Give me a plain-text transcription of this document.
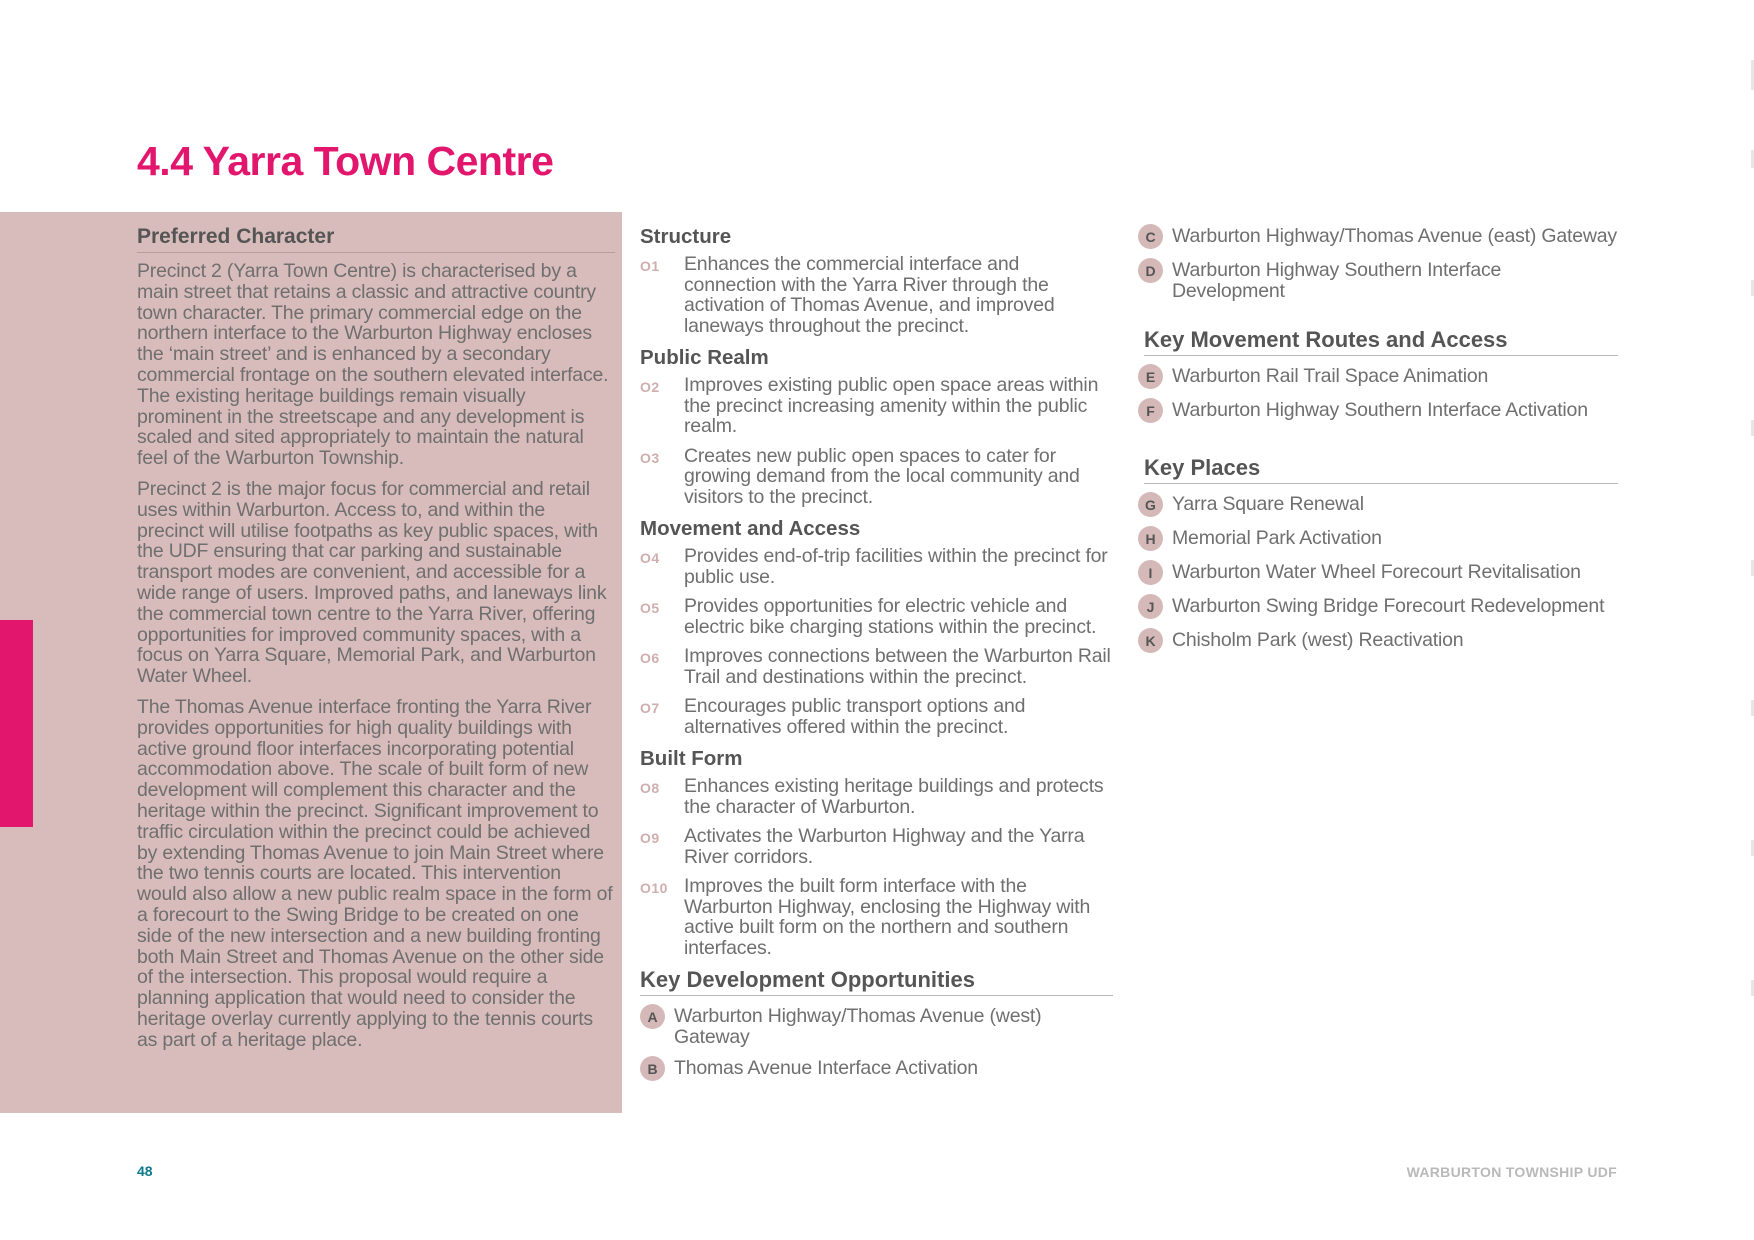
4.4 Yarra Town Centre
Preferred Character

Precinct 2 (Yarra Town Centre) is characterised by a main street that retains a classic and attractive country town character. The primary commercial edge on the northern interface to the Warburton Highway encloses the ‘main street’ and is enhanced by a secondary commercial frontage on the southern elevated interface. The existing heritage buildings remain visually prominent in the streetscape and any development is scaled and sited appropriately to maintain the natural feel of the Warburton Township.

Precinct 2 is the major focus for commercial and retail uses within Warburton. Access to, and within the precinct will utilise footpaths as key public spaces, with the UDF ensuring that car parking and sustainable transport modes are convenient, and accessible for a wide range of users. Improved paths, and laneways link the commercial town centre to the Yarra River, offering opportunities for improved community spaces, with a focus on Yarra Square, Memorial Park, and Warburton Water Wheel.

The Thomas Avenue interface fronting the Yarra River provides opportunities for high quality buildings with active ground floor interfaces incorporating potential accommodation above. The scale of built form of new development will complement this character and the heritage within the precinct. Significant improvement to traffic circulation within the precinct could be achieved by extending Thomas Avenue to join Main Street where the two tennis courts are located. This intervention would also allow a new public realm space in the form of a forecourt to the Swing Bridge to be created on one side of the new intersection and a new building fronting both Main Street and Thomas Avenue on the other side of the intersection. This proposal would require a planning application that would need to consider the heritage overlay currently applying to the tennis courts as part of a heritage place.

Structure
O1	Enhances the commercial interface and connection with the Yarra River through the activation of Thomas Avenue, and improved laneways throughout the precinct.
Public Realm
O2	Improves existing public open space areas within the precinct increasing amenity within the public realm.
O3	Creates new public open spaces to cater for growing demand from the local community and visitors to the precinct.
Movement and Access
O4	Provides end-of-trip facilities within the precinct for public use.
O5	Provides opportunities for electric vehicle and electric bike charging stations within the precinct.
O6	Improves connections between the Warburton Rail Trail and destinations within the precinct.
O7	Encourages public transport options and alternatives offered within the precinct.
Built Form
O8	Enhances existing heritage buildings and protects the character of Warburton.
O9	Activates the Warburton Highway and the Yarra River corridors.
O10 Improves the built form interface with the Warburton Highway, enclosing the Highway with active built form on the northern and southern interfaces.
Key Development Opportunities
A Warburton Highway/Thomas Avenue (west) Gateway
B Thomas Avenue Interface Activation
C Warburton Highway/Thomas Avenue (east) Gateway
D Warburton Highway Southern Interface Development
Key Movement Routes and Access
E Warburton Rail Trail Space Animation
F Warburton Highway Southern Interface Activation
Key Places
G Yarra Square Renewal
H Memorial Park Activation
I	Warburton Water Wheel Forecourt Revitalisation
J Warburton Swing Bridge Forecourt Redevelopment
K Chisholm Park (west) Reactivation
48	WARBURTON TOWNSHIP UDF
